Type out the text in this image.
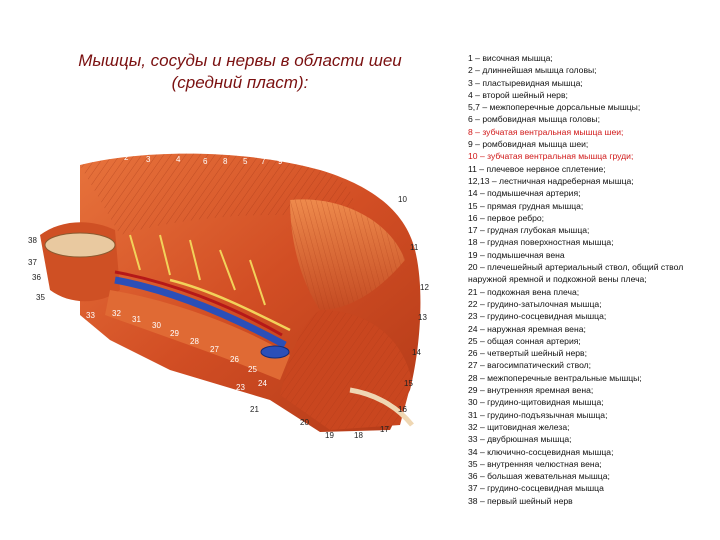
Мышцы, сосуды и нервы в области шеи
(средний пласт):
1	2 3	4	6 8 5 7 9
10
38
37
36
35
34 33 32
31
30
29
28
27
26
25
24
23
22
21
20
19	18
17
16
15
14
13
12
11
1 – височная мышца;
2 – длиннейшая мышца головы;
3 – пластыревидная мышца;
4 – второй шейный нерв;
5,7 – межпоперечные дорсальные мышцы;
6 – ромбовидная мышца головы;
8 – зубчатая вентральная мышца шеи;
9 – ромбовидная мышца шеи;
10 – зубчатая вентральная мышца груди;
11 – плечевое нервное сплетение;
12,13 – лестничная надреберная мышца;
14 – подмышечная артерия;
15 – прямая грудная мышца;
16 – первое ребро;
17 – грудная глубокая мышца;
18 – грудная поверхностная мышца;
19 – подмышечная вена
20 – плечешейный артериальный ствол, общий ствол наружной яремной и подкожной вены плеча;
21 – подкожная вена плеча;
22 – грудино-затылочная мышца;
23 – грудино-сосцевидная мышца;
24 – наружная яремная вена;
25 – общая сонная артерия;
26 – четвертый шейный нерв;
27 – вагосимпатический ствол;
28 – межпоперечные вентральные мышцы;
29 – внутренняя яремная вена;
30 – грудино-щитовидная мышца;
31 – грудино-подъязычная мышца;
32 – щитовидная железа;
33 – двубрюшная мышца;
34 – ключично-сосцевидная мышца;
35 – внутренняя челюстная вена;
36 – большая жевательная мышца;
37 – грудино-сосцевидная мышца
38 – первый шейный нерв
